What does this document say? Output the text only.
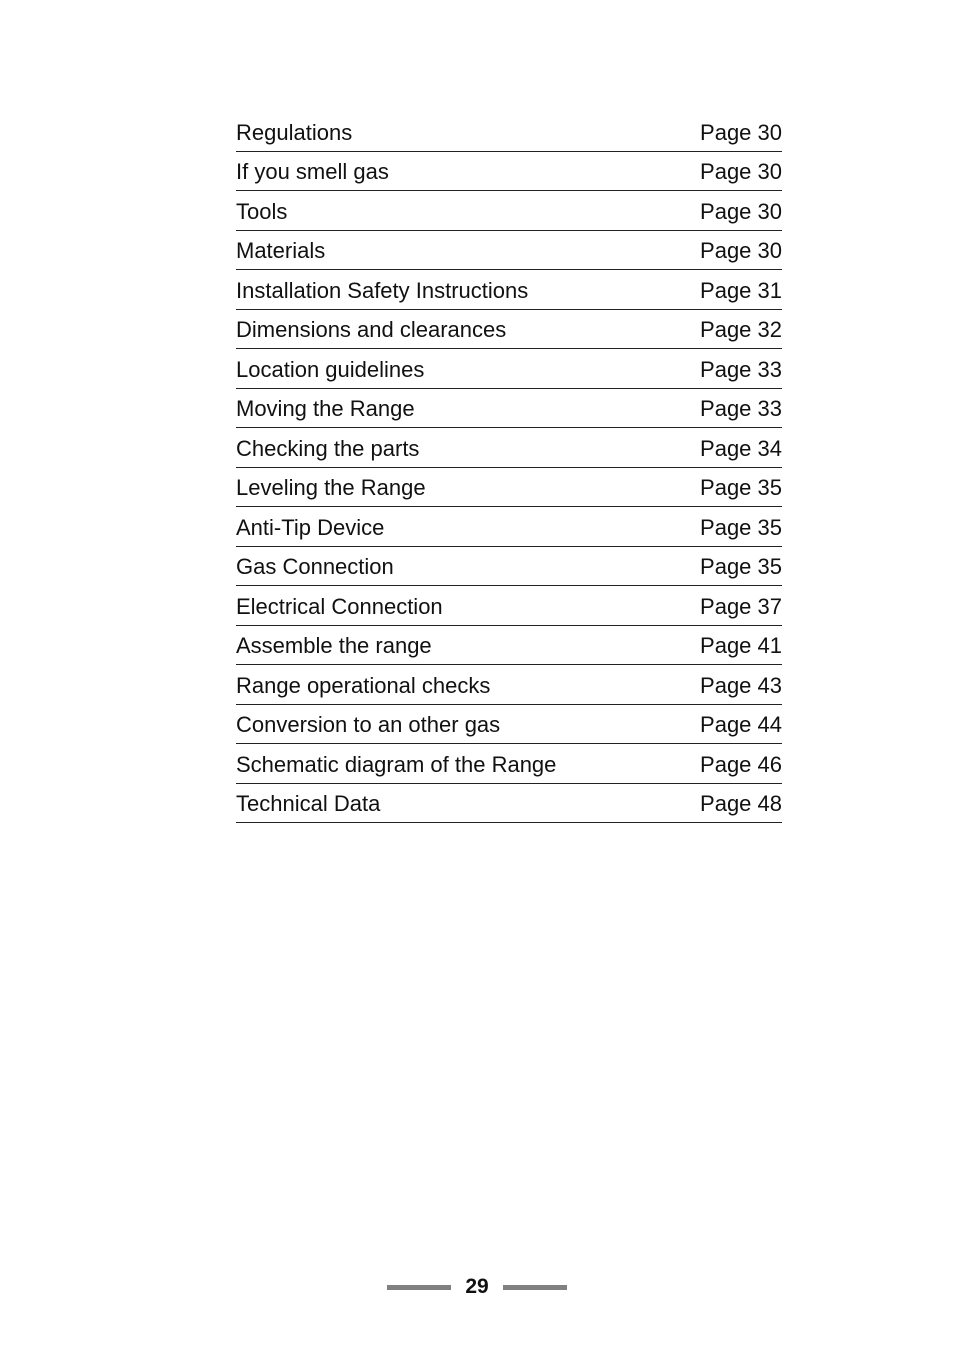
Regulations	Page 30
If you smell gas	Page 30
Tools	Page 30
Materials	Page 30
Installation Safety Instructions	Page 31
Dimensions and clearances	Page 32
Location guidelines	Page 33
Moving the Range	Page 33
Checking the parts	Page 34
Leveling the Range	Page 35
Anti-Tip Device	Page 35
Gas Connection	Page 35
Electrical Connection	Page 37
Assemble the range	Page 41
Range operational checks	Page 43
Conversion to an other gas	Page 44
Schematic diagram of the Range	Page 46
Technical Data	Page 48
29
